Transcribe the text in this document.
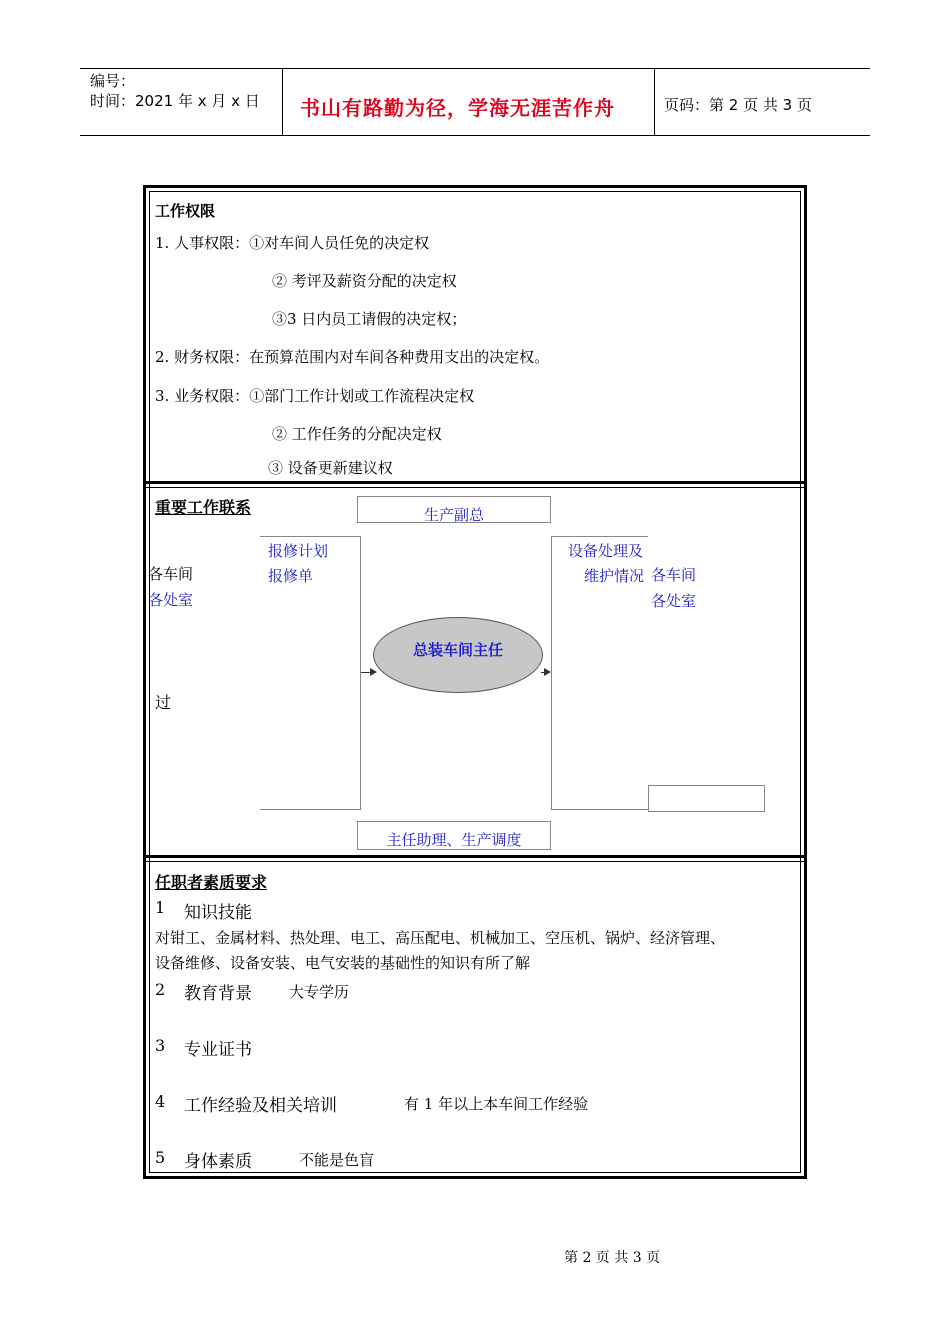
编号：
时间：2021 年 x 月 x 日 书山有路勤为径，学海无涯苦作舟	页码：第 2 页 共 3 页
工作权限
1. 人事权限：①对车间人员任免的决定权
② 考评及薪资分配的决定权
③3 日内员工请假的决定权；
2. 财务权限：在预算范围内对车间各种费用支出的决定权。
3. 业务权限：①部门工作计划或工作流程决定权
② 工作任务的分配决定权
③ 设备更新建议权
重要工作联系	生产副总
各车间
各处室
过
报修计划
报修单
设备处理及
维护情况 各车间
各处室
总装车间主任
主任助理、生产调度
任职者素质要求
1 知识技能
对钳工、金属材料、热处理、电工、高压配电、机械加工、空压机、锅炉、经济管理、
设备维修、设备安装、电气安装的基础性的知识有所了解
2 教育背景 大专学历
3 专业证书
4 工作经验及相关培训	有 1 年以上本车间工作经验
5 身体素质	不能是色盲
第 2 页 共 3 页
